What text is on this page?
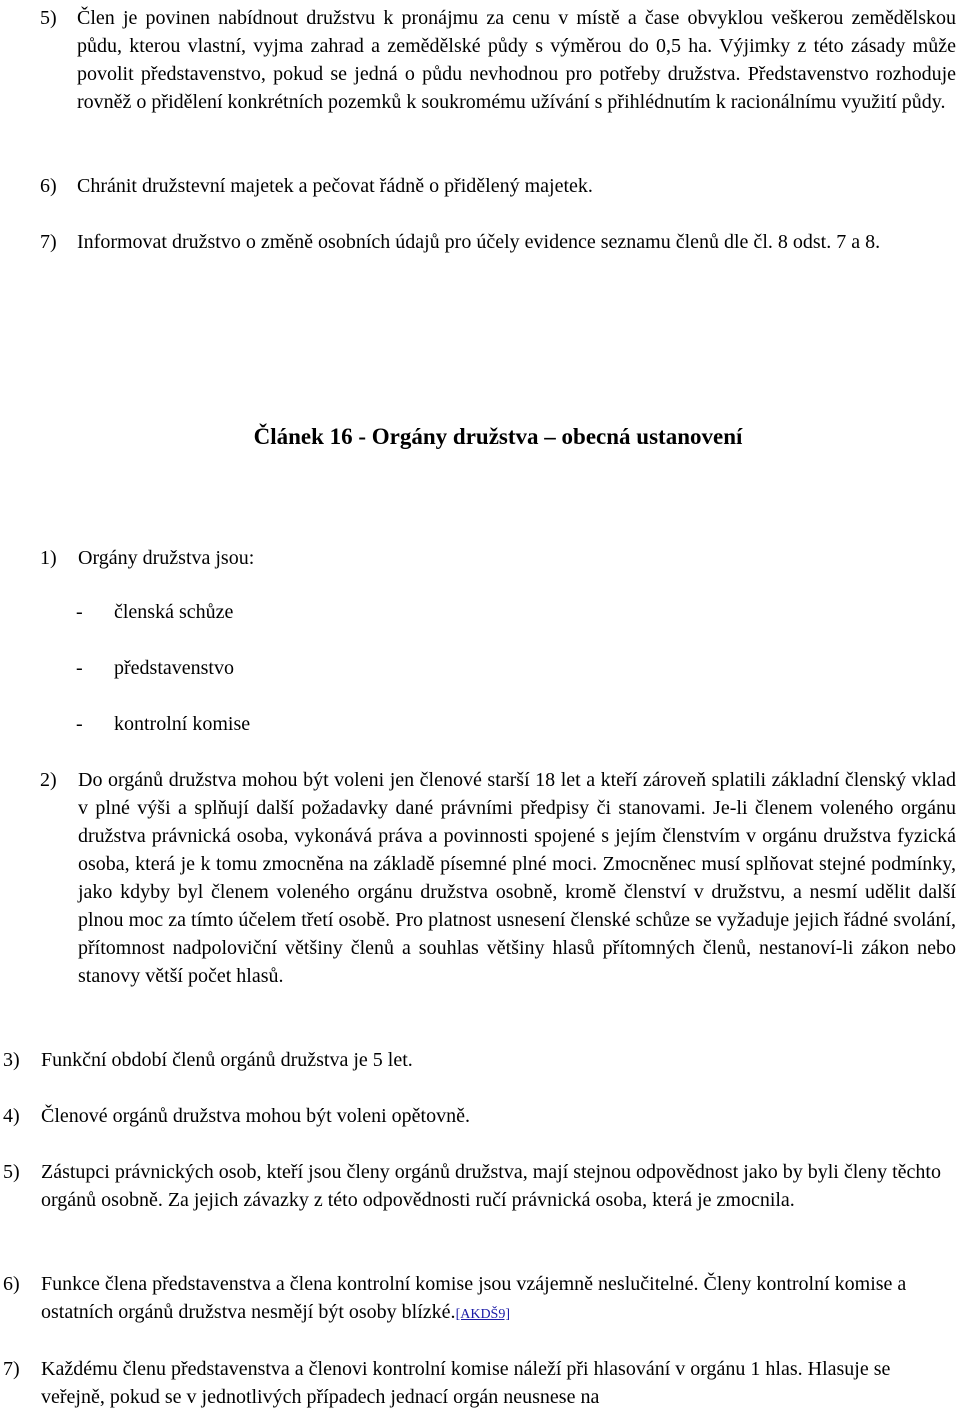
5)	Člen je povinen nabídnout družstvu k pronájmu za cenu v místě a čase obvyklou veškerou zemědělskou půdu, kterou vlastní, vyjma zahrad a zemědělské půdy s výměrou do 0,5 ha. Výjimky z této zásady může povolit představenstvo, pokud se jedná o půdu nevhodnou pro potřeby družstva. Představenstvo rozhoduje rovněž o přidělení konkrétních pozemků k soukromému užívání s přihlédnutím k racionálnímu využití půdy.
6)	Chránit družstevní majetek a pečovat řádně o přidělený majetek.
7)	Informovat družstvo o změně osobních údajů pro účely evidence seznamu členů dle čl. 8 odst. 7 a 8.
Článek 16 - Orgány družstva – obecná ustanovení
1)	Orgány družstva jsou:
- členská schůze
- představenstvo
- kontrolní komise
2)	Do orgánů družstva mohou být voleni jen členové starší 18 let a kteří zároveň splatili základní členský vklad v plné výši a splňují další požadavky dané právními předpisy či stanovami. Je-li členem voleného orgánu družstva právnická osoba, vykonává práva a povinnosti spojené s jejím členstvím v orgánu družstva fyzická osoba, která je k tomu zmocněna na základě písemné plné moci. Zmocněnec musí splňovat stejné podmínky, jako kdyby byl členem voleného orgánu družstva osobně, kromě členství v družstvu, a nesmí udělit další plnou moc za tímto účelem třetí osobě. Pro platnost usnesení členské schůze se vyžaduje jejich řádné svolání, přítomnost nadpoloviční většiny členů a souhlas většiny hlasů přítomných členů, nestanoví-li zákon nebo stanovy větší počet hlasů.
3)	Funkční období členů orgánů družstva je 5 let.
4)	Členové orgánů družstva mohou být voleni opětovně.
5)	Zástupci právnických osob, kteří jsou členy orgánů družstva, mají stejnou odpovědnost jako by byli členy těchto orgánů osobně. Za jejich závazky z této odpovědnosti ručí právnická osoba, která je zmocnila.
6)	Funkce člena představenstva a člena kontrolní komise jsou vzájemně neslučitelné. Členy kontrolní komise a ostatních orgánů družstva nesmějí být osoby blízké.[AKDŠ9]
7)	Každému členu představenstva a členovi kontrolní komise náleží při hlasování v orgánu 1 hlas. Hlasuje se veřejně, pokud se v jednotlivých případech jednací orgán neusnese na
